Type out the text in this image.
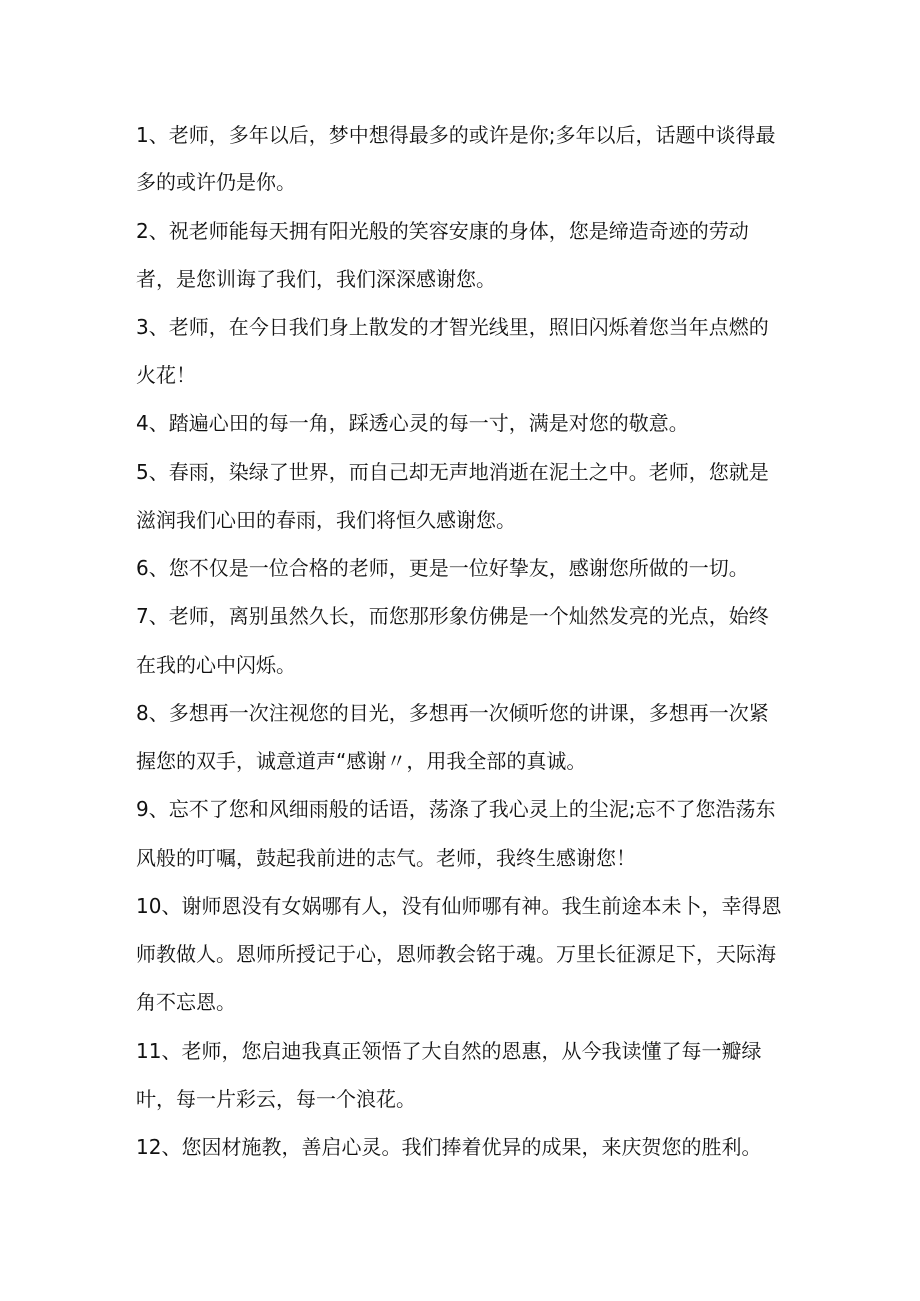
1、老师，多年以后，梦中想得最多的或许是你;多年以后，话题中谈得最

多的或许仍是你。

2、祝老师能每天拥有阳光般的笑容安康的身体，您是缔造奇迹的劳动

者，是您训诲了我们，我们深深感谢您。

3、老师，在今日我们身上散发的才智光线里，照旧闪烁着您当年点燃的

火花！

4、踏遍心田的每一角，踩透心灵的每一寸，满是对您的敬意。

5、春雨，染绿了世界，而自己却无声地消逝在泥土之中。老师，您就是

滋润我们心田的春雨，我们将恒久感谢您。

6、您不仅是一位合格的老师，更是一位好挚友，感谢您所做的一切。

7、老师，离别虽然久长，而您那形象仿佛是一个灿然发亮的光点，始终

在我的心中闪烁。

8、多想再一次注视您的目光，多想再一次倾听您的讲课，多想再一次紧

握您的双手，诚意道声“感谢〃，用我全部的真诚。

9、忘不了您和风细雨般的话语，荡涤了我心灵上的尘泥;忘不了您浩荡东

风般的叮嘱，鼓起我前进的志气。老师，我终生感谢您！

10、谢师恩没有女娲哪有人，没有仙师哪有神。我生前途本未卜，幸得恩

师教做人。恩师所授记于心，恩师教会铭于魂。万里长征源足下，天际海

角不忘恩。

11、老师，您启迪我真正领悟了大自然的恩惠，从今我读懂了每一瓣绿

叶，每一片彩云，每一个浪花。

12、您因材施教，善启心灵。我们捧着优异的成果，来庆贺您的胜利。
